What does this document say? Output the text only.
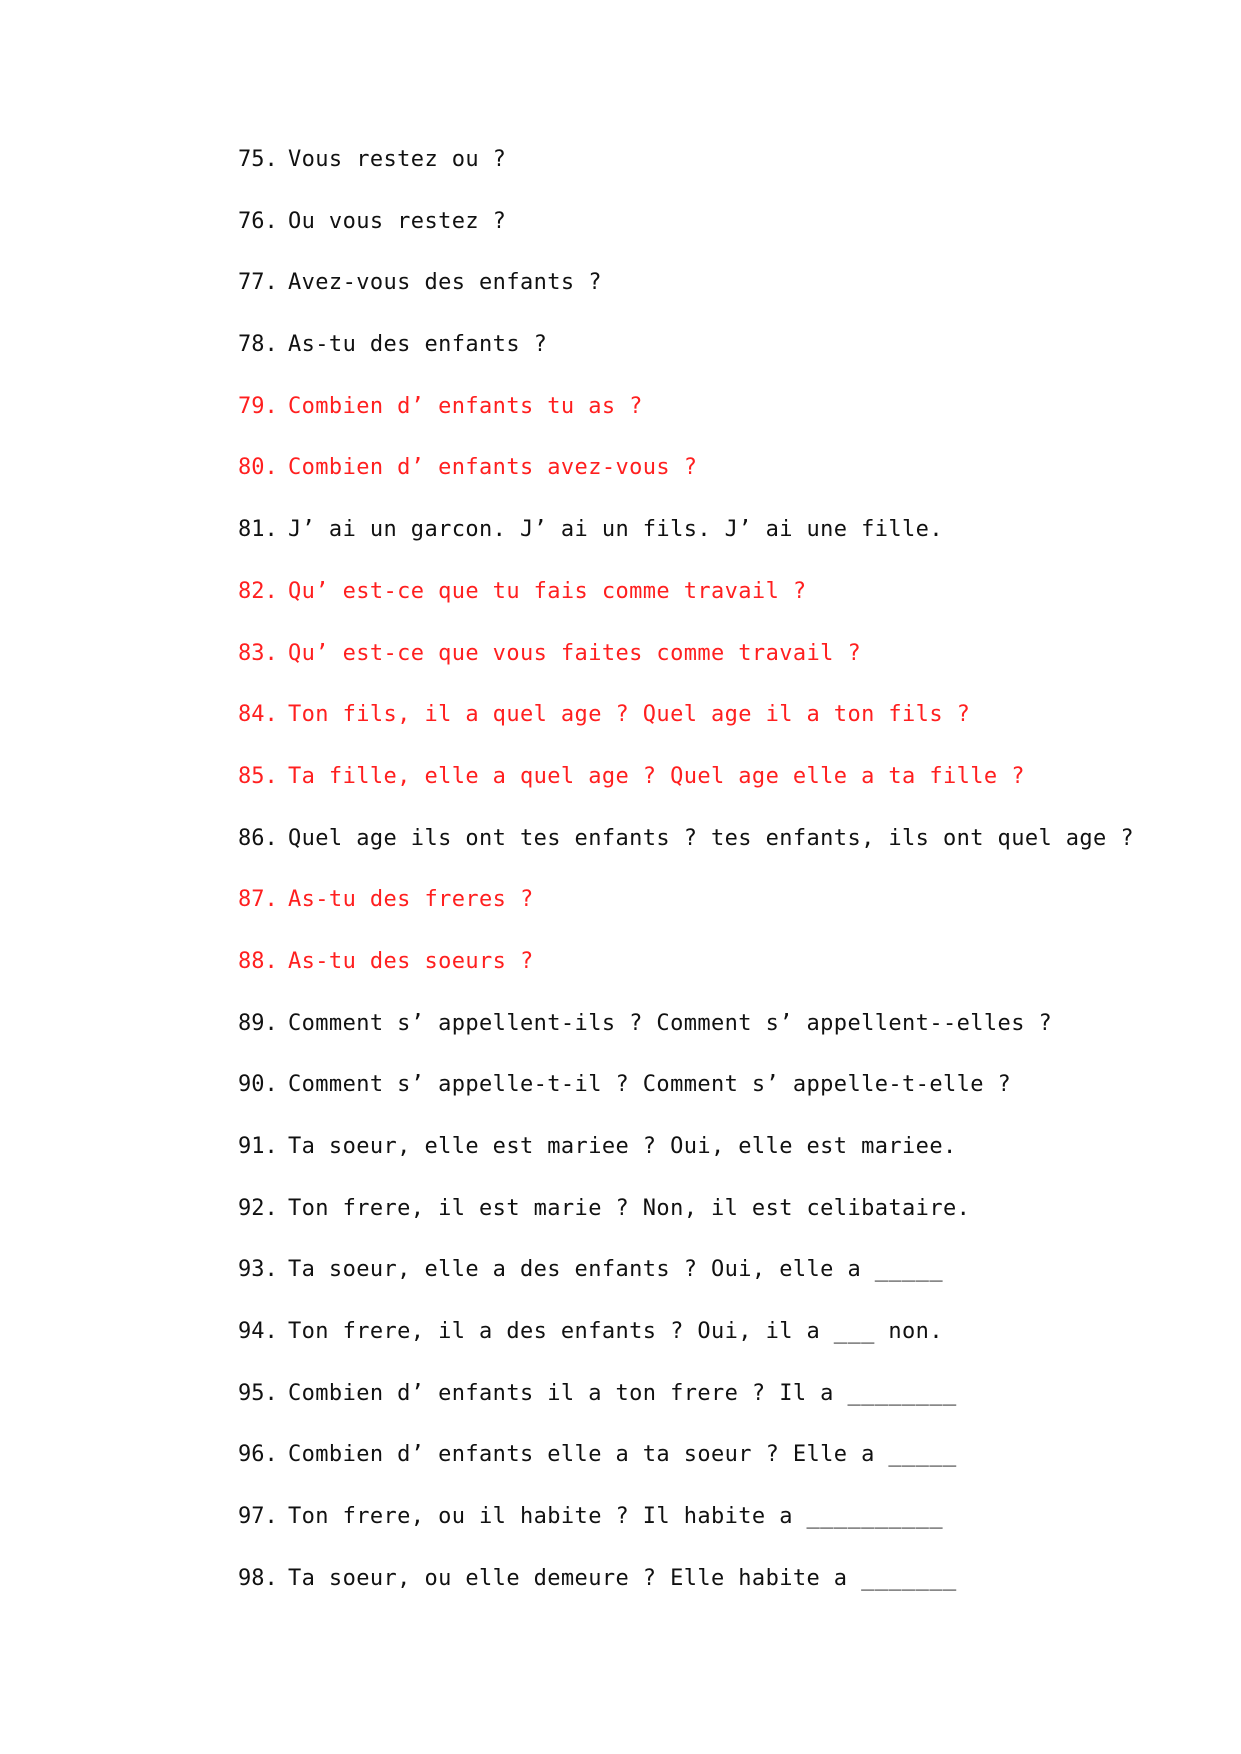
75. Vous restez ou ?
76. Ou vous restez ?
77. Avez-vous des enfants ?
78. As-tu des enfants ?
79. Combien d’ enfants tu as ?
80. Combien d’ enfants avez-vous ?
81. J’ ai un garcon. J’ ai un fils. J’ ai une fille.
82. Qu’ est-ce que tu fais comme travail ?
83. Qu’ est-ce que vous faites comme travail ?
84. Ton fils, il a quel age ? Quel age il a ton fils ?
85. Ta fille, elle a quel age ? Quel age elle a ta fille ?
86. Quel age ils ont tes enfants ? tes enfants, ils ont quel age ?
87. As-tu des freres ?
88. As-tu des soeurs ?
89. Comment s’ appellent-ils ? Comment s’ appellent--elles ?
90. Comment s’ appelle-t-il ? Comment s’ appelle-t-elle ?
91. Ta soeur, elle est mariee ? Oui, elle est mariee.
92. Ton frere, il est marie ? Non, il est celibataire.
93. Ta soeur, elle a des enfants ? Oui, elle a _____
94. Ton frere, il a des enfants ? Oui, il a ___ non.
95. Combien d’ enfants il a ton frere ? Il a ________
96. Combien d’ enfants elle a ta soeur ? Elle a _____
97. Ton frere, ou il habite ? Il habite a __________
98. Ta soeur, ou elle demeure ? Elle habite a _______
